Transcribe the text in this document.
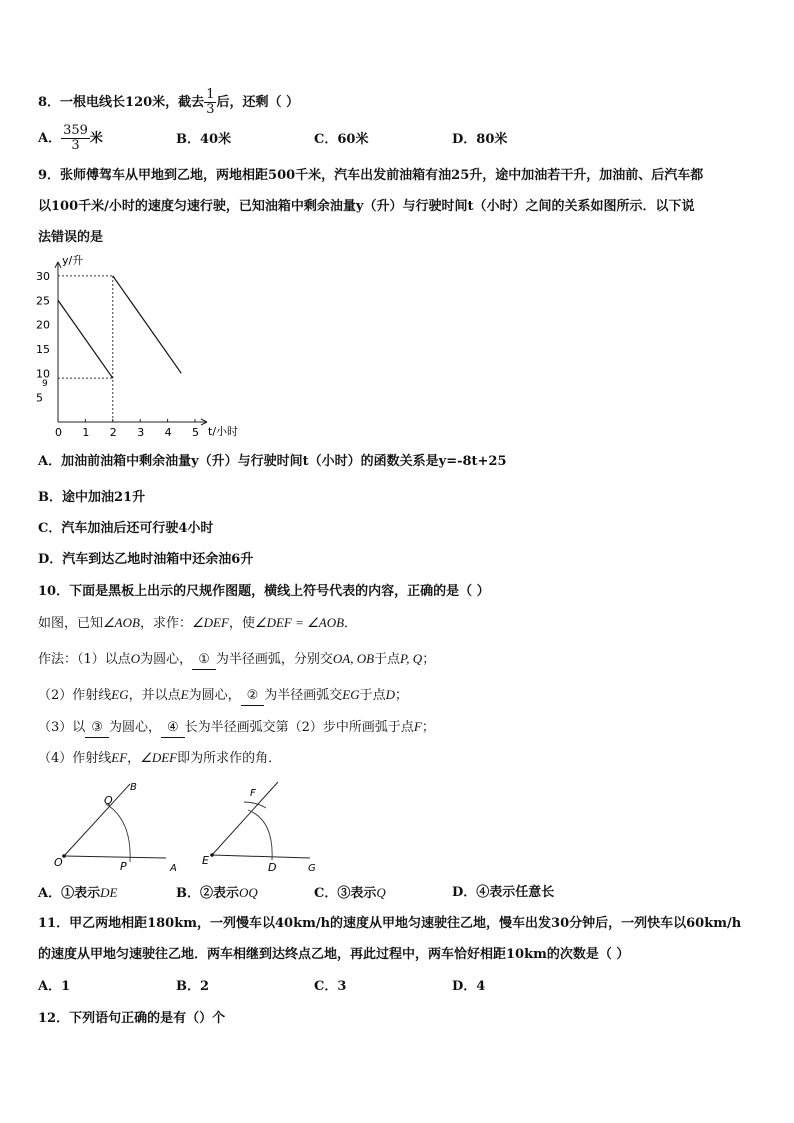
8．一根电线长120米，截去 $\frac{1}{3}$ 后，还剩（ ）
A． $\frac{359}{3}$ 米	B．40米	C．60米	D．80米
9．张师傅驾车从甲地到乙地，两地相距500千米，汽车出发前油箱有油25升，途中加油若干升，加油前、后汽车都
以100千米/小时的速度匀速行驶，已知油箱中剩余油量y（升）与行驶时间t（小时）之间的关系如图所示．以下说
法错误的是
0 1 2 3 4 5
5
10
9
15
20
25
30
y/升
t/小时
A．加油前油箱中剩余油量y（升）与行驶时间t（小时）的函数关系是y=-8t+25
B．途中加油21升
C．汽车加油后还可行驶4小时
D．汽车到达乙地时油箱中还余油6升
10．下面是黑板上出示的尺规作图题，横线上符号代表的内容，正确的是（ ）
如图，已知∠AOB，求作：∠DEF，使∠DEF = ∠AOB．
作法：（1）以点O为圆心， ① 为半径画弧，分别交OA, OB于点P, Q；
（2）作射线EG，并以点E为圆心， ② 为半径画弧交EG于点D；
（3）以 ③ 为圆心， ④ 长为半径画弧交第（2）步中所画弧于点F；
（4）作射线EF，∠DEF即为所求作的角．
O	A
B
P
Q
E
D
F
G
A．①表示DE	B．②表示OQ	C．③表示Q	D．④表示任意长
11．甲乙两地相距180km，一列慢车以40km/h的速度从甲地匀速驶往乙地，慢车出发30分钟后，一列快车以60km/h
的速度从甲地匀速驶往乙地．两车相继到达终点乙地，再此过程中，两车恰好相距10km的次数是（ ）
A．1	B．2	C．3	D．4
12．下列语句正确的是有（）个
